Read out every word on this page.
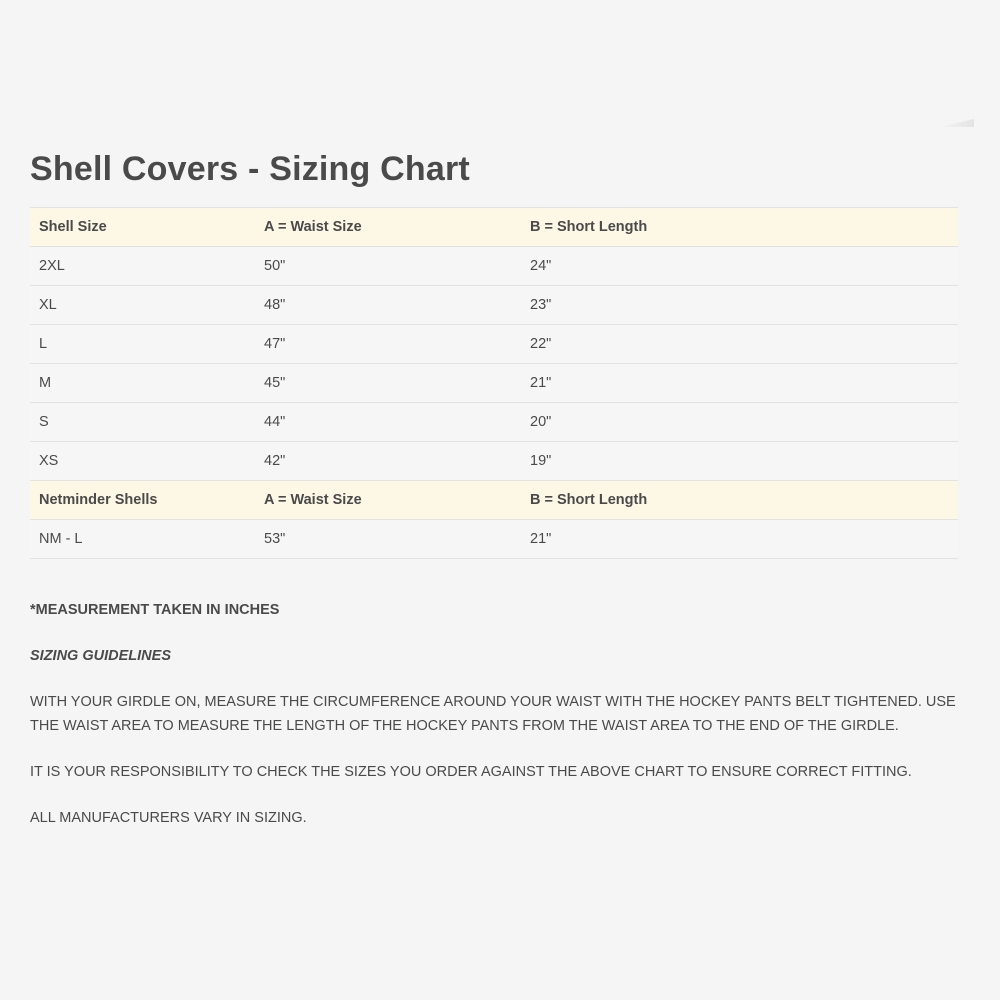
Shell Covers - Sizing Chart
Shell Size	A = Waist Size	B = Short Length
2XL	50"	24"
XL	48"	23"
L	47"	22"
M	45"	21"
S	44"	20"
XS	42"	19"
Netminder Shells	A = Waist Size	B = Short Length
NM - L	53"	21"

*MEASUREMENT TAKEN IN INCHES

SIZING GUIDELINES

WITH YOUR GIRDLE ON, MEASURE THE CIRCUMFERENCE AROUND YOUR WAIST WITH THE HOCKEY PANTS BELT TIGHTENED. USE THE WAIST AREA TO MEASURE THE LENGTH OF THE HOCKEY PANTS FROM THE WAIST AREA TO THE END OF THE GIRDLE.

IT IS YOUR RESPONSIBILITY TO CHECK THE SIZES YOU ORDER AGAINST THE ABOVE CHART TO ENSURE CORRECT FITTING.

ALL MANUFACTURERS VARY IN SIZING.
